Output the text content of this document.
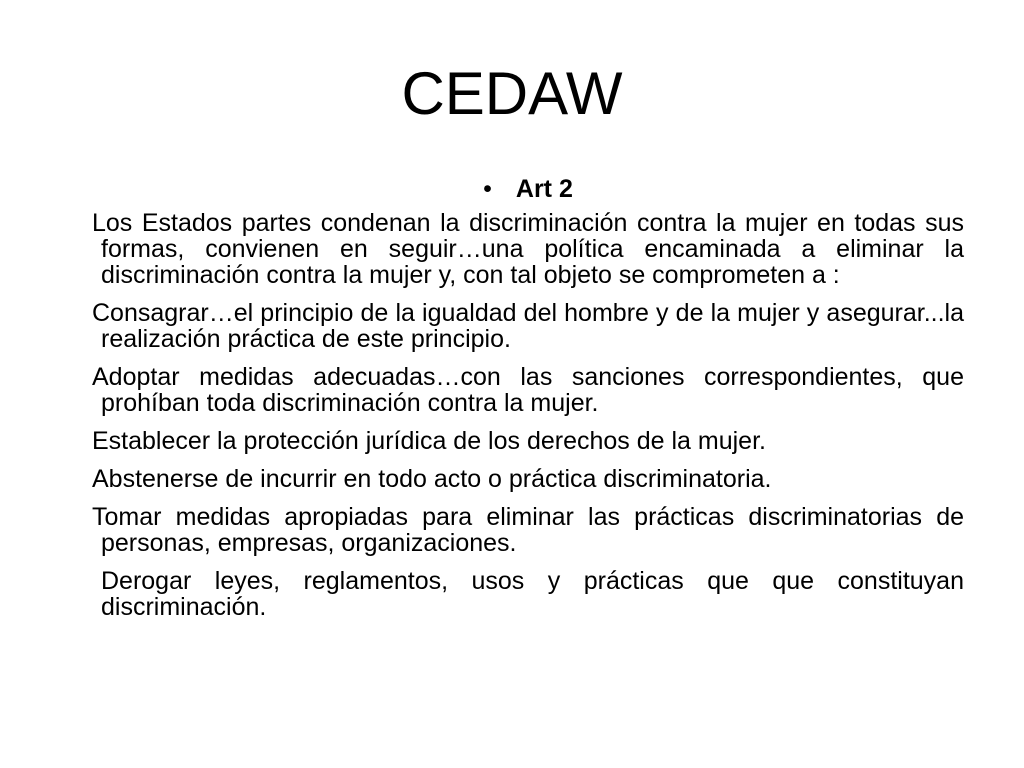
CEDAW
• Art 2

Los Estados partes condenan la discriminación contra la mujer en todas sus formas, convienen en seguir…una política encaminada a eliminar la discriminación contra la mujer y, con tal objeto se comprometen a :

Consagrar…el principio de la igualdad del hombre y de la mujer y asegurar...la realización práctica de este principio.

Adoptar medidas adecuadas…con las sanciones correspondientes, que prohíban toda discriminación contra la mujer.

Establecer la protección jurídica de los derechos de la mujer.

Abstenerse de incurrir en todo acto o práctica discriminatoria.

Tomar medidas apropiadas para eliminar las prácticas discriminatorias de personas, empresas, organizaciones.

Derogar leyes, reglamentos, usos y prácticas que que constituyan discriminación.
